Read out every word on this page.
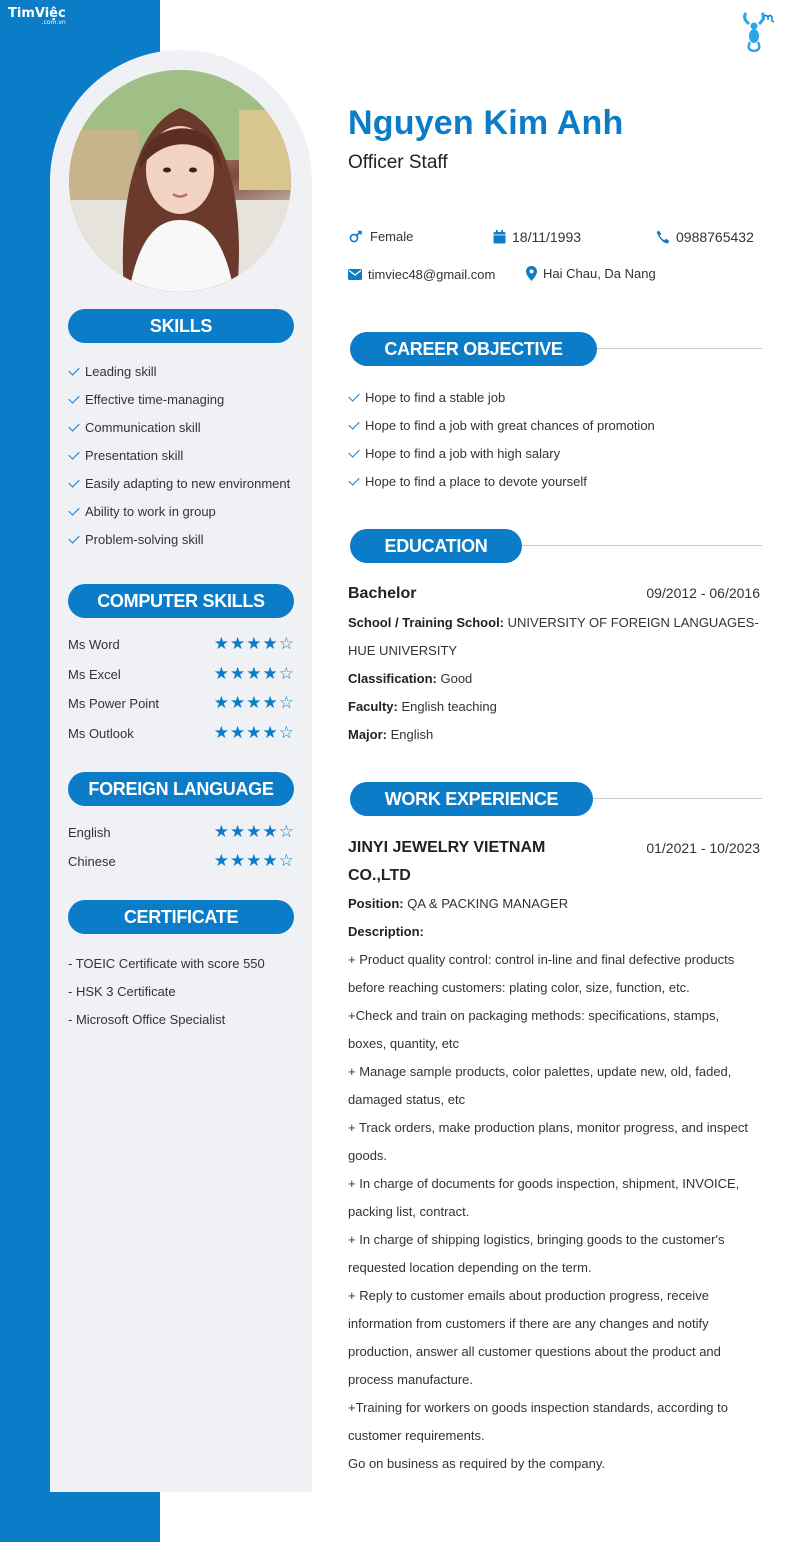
TimViệc
.com.vn
SKILLS
Leading skill
Effective time-managing
Communication skill
Presentation skill
Easily adapting to new environment
Ability to work in group
Problem-solving skill
COMPUTER SKILLS
Ms Word	★ ★ ★ ★ ☆
Ms Excel	★ ★ ★ ★ ☆
Ms Power Point	★ ★ ★ ★ ☆
Ms Outlook	★ ★ ★ ★ ☆
FOREIGN LANGUAGE
English	★ ★ ★ ★ ☆
Chinese	★ ★ ★ ★ ☆
CERTIFICATE
- TOEIC Certificate with score 550
- HSK 3 Certificate
- Microsoft Office Specialist
Nguyen Kim Anh
Officer Staff
Female	18/11/1993	0988765432
timviec48@gmail.com	Hai Chau, Da Nang
CAREER OBJECTIVE
Hope to find a stable job
Hope to find a job with great chances of promotion
Hope to find a job with high salary
Hope to find a place to devote yourself
EDUCATION
Bachelor	09/2012 - 06/2016
School / Training School: UNIVERSITY OF FOREIGN LANGUAGES-
HUE UNIVERSITY
Classification: Good
Faculty: English teaching
Major: English
WORK EXPERIENCE
JINYI JEWELRY VIETNAM
CO.,LTD
01/2021 - 10/2023
Position: QA & PACKING MANAGER
Description:
+ Product quality control: control in-line and final defective products
before reaching customers: plating color, size, function, etc.
+Check and train on packaging methods: specifications, stamps,
boxes, quantity, etc
+ Manage sample products, color palettes, update new, old, faded,
damaged status, etc
+ Track orders, make production plans, monitor progress, and inspect
goods.
+ In charge of documents for goods inspection, shipment, INVOICE,
packing list, contract.
+ In charge of shipping logistics, bringing goods to the customer's
requested location depending on the term.
+ Reply to customer emails about production progress, receive
information from customers if there are any changes and notify
production, answer all customer questions about the product and
process manufacture.
+Training for workers on goods inspection standards, according to
customer requirements.
Go on business as required by the company.
